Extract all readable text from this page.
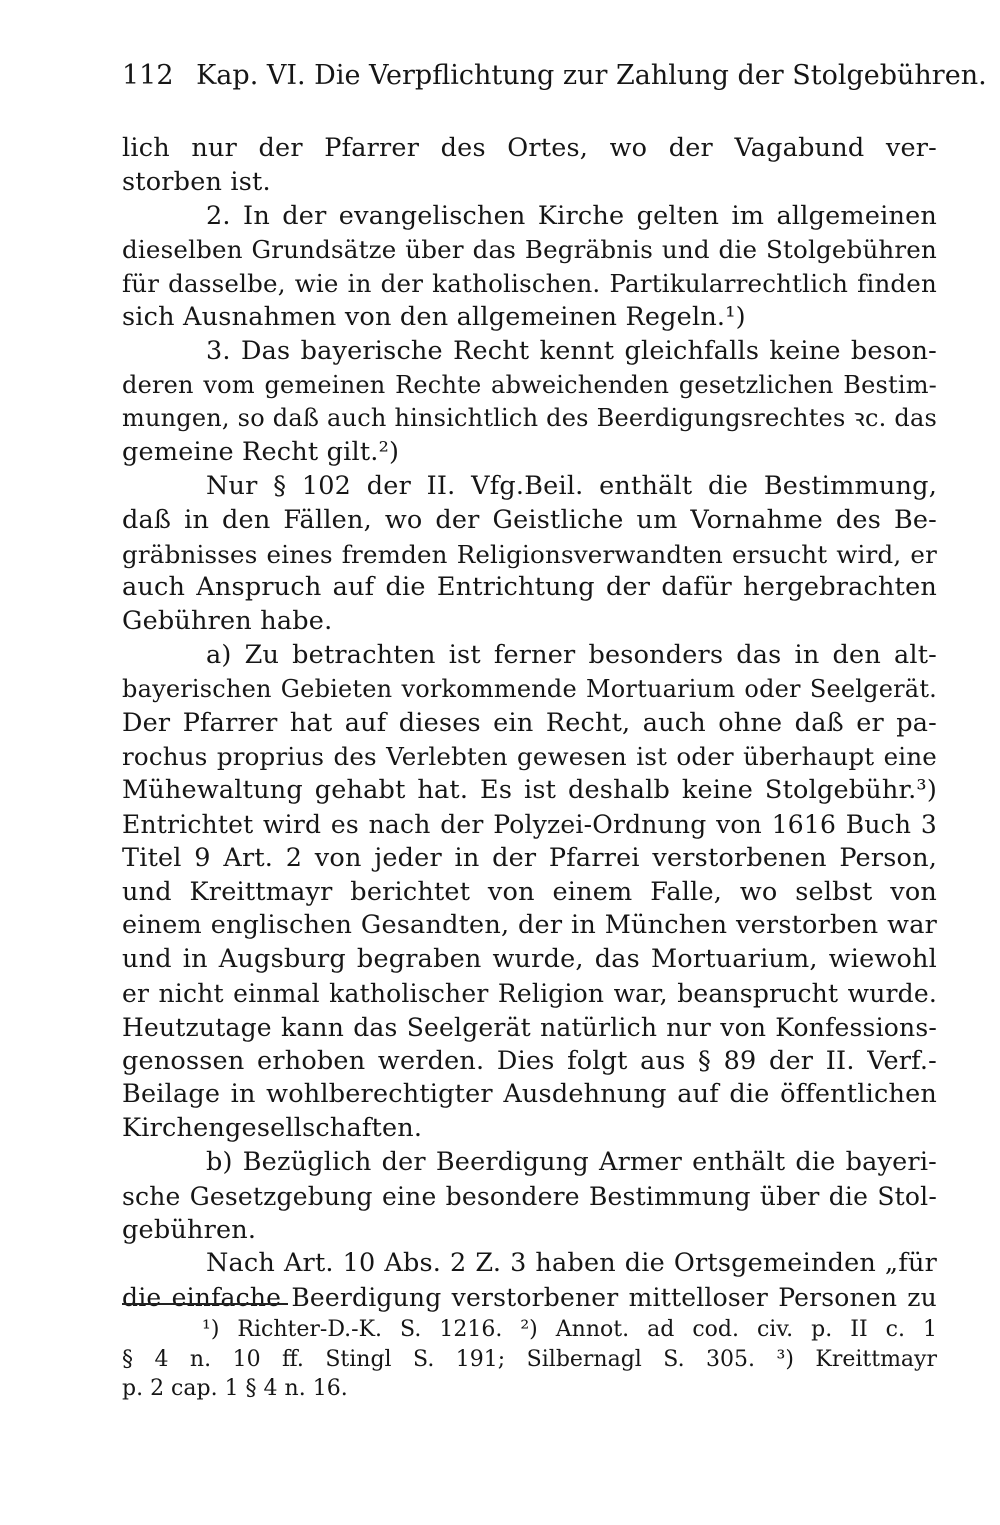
112 Kap. VI. Die Verpflichtung zur Zahlung der Stolgebühren.
lich nur der Pfarrer des Ortes, wo der Vagabund ver-
storben ist.
2. In der evangelischen Kirche gelten im allgemeinen
dieselben Grundsätze über das Begräbnis und die Stolgebühren
für dasselbe, wie in der katholischen. Partikularrechtlich finden
sich Ausnahmen von den allgemeinen Regeln.¹)
3. Das bayerische Recht kennt gleichfalls keine beson-
deren vom gemeinen Rechte abweichenden gesetzlichen Bestim-
mungen, so daß auch hinsichtlich des Beerdigungsrechtes ꝛc. das
gemeine Recht gilt.²)
Nur § 102 der II. Vfg.Beil. enthält die Bestimmung,
daß in den Fällen, wo der Geistliche um Vornahme des Be-
gräbnisses eines fremden Religionsverwandten ersucht wird, er
auch Anspruch auf die Entrichtung der dafür hergebrachten
Gebühren habe.
a) Zu betrachten ist ferner besonders das in den alt-
bayerischen Gebieten vorkommende Mortuarium oder Seelgerät.
Der Pfarrer hat auf dieses ein Recht, auch ohne daß er pa-
rochus proprius des Verlebten gewesen ist oder überhaupt eine
Mühewaltung gehabt hat. Es ist deshalb keine Stolgebühr.³)
Entrichtet wird es nach der Polyzei-Ordnung von 1616 Buch 3
Titel 9 Art. 2 von jeder in der Pfarrei verstorbenen Person,
und Kreittmayr berichtet von einem Falle, wo selbst von
einem englischen Gesandten, der in München verstorben war
und in Augsburg begraben wurde, das Mortuarium, wiewohl
er nicht einmal katholischer Religion war, beansprucht wurde.
Heutzutage kann das Seelgerät natürlich nur von Konfessions-
genossen erhoben werden. Dies folgt aus § 89 der II. Verf.-
Beilage in wohlberechtigter Ausdehnung auf die öffentlichen
Kirchengesellschaften.
b) Bezüglich der Beerdigung Armer enthält die bayeri-
sche Gesetzgebung eine besondere Bestimmung über die Stol-
gebühren.
Nach Art. 10 Abs. 2 Z. 3 haben die Ortsgemeinden „für
die einfache Beerdigung verstorbener mittelloser Personen zu
¹) Richter-D.-K. S. 1216. ²) Annot. ad cod. civ. p. II c. 1
§ 4 n. 10 ff. Stingl S. 191; Silbernagl S. 305. ³) Kreittmayr
p. 2 cap. 1 § 4 n. 16.
